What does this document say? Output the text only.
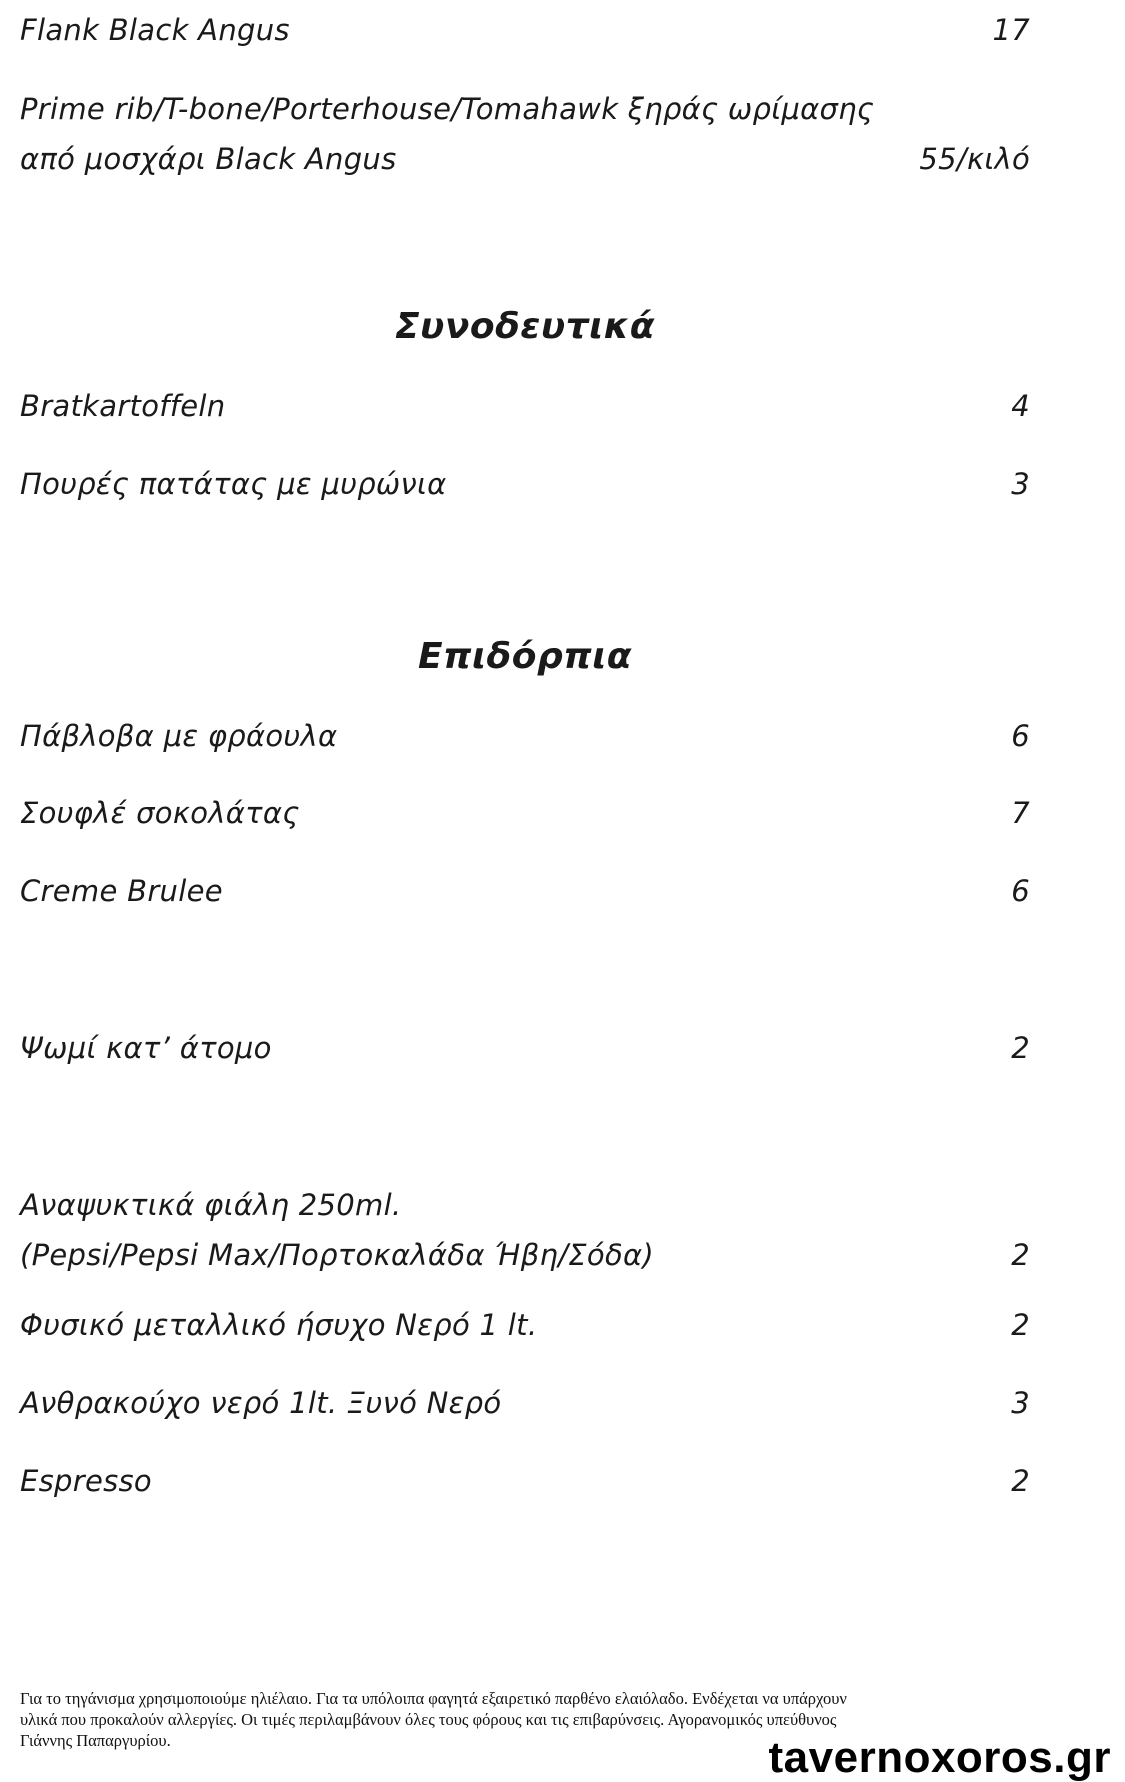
Flank Black Angus	17
Prime rib/T-bone/Porterhouse/Tomahawk ξηράς ωρίμασης
από μοσχάρι Black Angus	55/κιλό
Συνοδευτικά
Bratkartoffeln	4
Πουρές πατάτας με μυρώνια	3
Επιδόρπια
Πάβλοβα με φράουλα	6
Σουφλέ σοκολάτας	7
Creme Brulee	6
Ψωμί κατ’ άτομο	2
Αναψυκτικά φιάλη 250ml.
(Pepsi/Pepsi Max/Πορτοκαλάδα Ήβη/Σόδα)	2
Φυσικό μεταλλικό ήσυχο Νερό 1 lt.	2
Ανθρακούχο νερό 1lt. Ξυνό Νερό	3
Espresso	2
Για το τηγάνισμα χρησιμοποιούμε ηλιέλαιο. Για τα υπόλοιπα φαγητά εξαιρετικό παρθένο ελαιόλαδο. Ενδέχεται να υπάρχουν
υλικά που προκαλούν αλλεργίες. Οι τιμές περιλαμβάνουν όλες τους φόρους και τις επιβαρύνσεις. Αγορανομικός υπεύθυνος
Γιάννης Παπαργυρίου.	tavernoxoros.gr
